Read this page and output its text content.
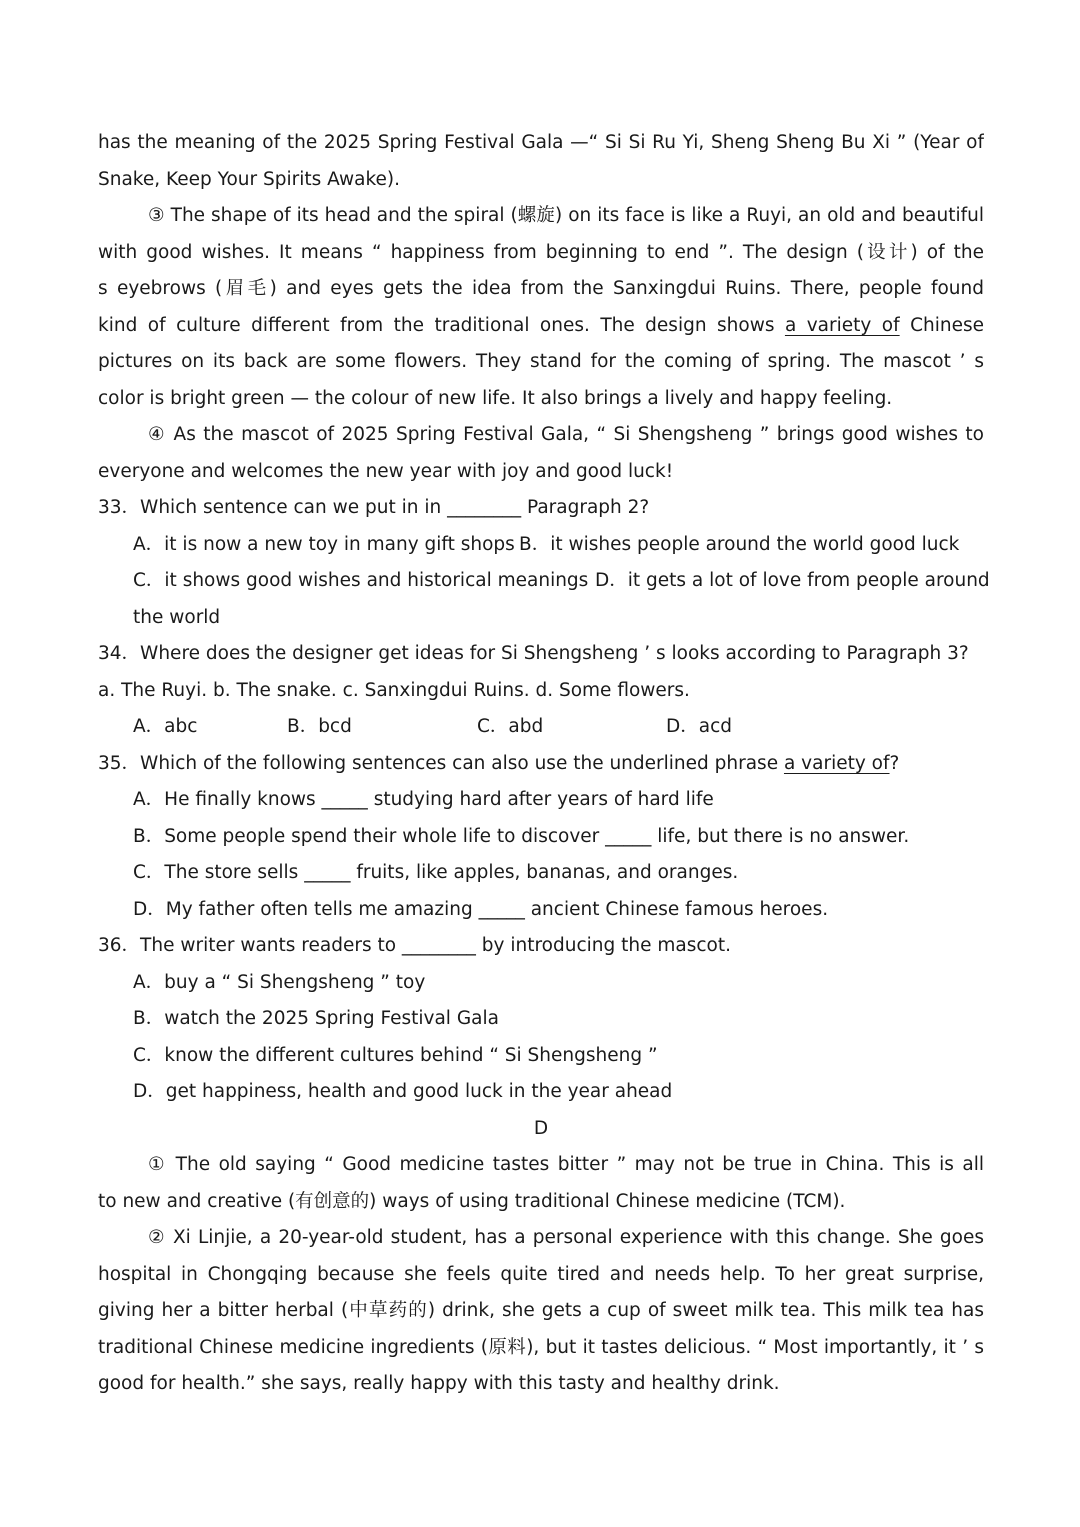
has the meaning of the 2025 Spring Festival Gala —“ Si Si Ru Yi, Sheng Sheng Bu Xi ” (Year of
Snake, Keep Your Spirits Awake).
③ The shape of its head and the spiral (螺旋) on its face is like a Ruyi, an old and beautiful
with good wishes. It means “ happiness from beginning to end ”. The design (设计) of the
s eyebrows (眉毛) and eyes gets the idea from the Sanxingdui Ruins. There, people found
kind of culture different from the traditional ones. The design shows a variety of Chinese
pictures on its back are some flowers. They stand for the coming of spring. The mascot ’ s
color is bright green — the colour of new life. It also brings a lively and happy feeling.
④ As the mascot of 2025 Spring Festival Gala, “ Si Shengsheng ” brings good wishes to
everyone and welcomes the new year with joy and good luck!
33．Which sentence can we put in in ________ Paragraph 2?
A．it is now a new toy in many gift shops B．it wishes people around the world good luck
C．it shows good wishes and historical meanings D．it gets a lot of love from people around
the world
34．Where does the designer get ideas for Si Shengsheng ’ s looks according to Paragraph 3?
a. The Ruyi. b. The snake. c. Sanxingdui Ruins. d. Some flowers.
A．abc	B．bcd	C．abd	D．acd
35．Which of the following sentences can also use the underlined phrase a variety of?
A．He finally knows _____ studying hard after years of hard life
B．Some people spend their whole life to discover _____ life, but there is no answer.
C．The store sells _____ fruits, like apples, bananas, and oranges.
D．My father often tells me amazing _____ ancient Chinese famous heroes.
36．The writer wants readers to ________ by introducing the mascot.
A．buy a “ Si Shengsheng ” toy
B．watch the 2025 Spring Festival Gala
C．know the different cultures behind “ Si Shengsheng ”
D．get happiness, health and good luck in the year ahead
D
① The old saying “ Good medicine tastes bitter ” may not be true in China. This is all
to new and creative (有创意的) ways of using traditional Chinese medicine (TCM).
② Xi Linjie, a 20-year-old student, has a personal experience with this change. She goes
hospital in Chongqing because she feels quite tired and needs help. To her great surprise,
giving her a bitter herbal (中草药的) drink, she gets a cup of sweet milk tea. This milk tea has
traditional Chinese medicine ingredients (原料), but it tastes delicious. “ Most importantly, it ’ s
good for health.” she says, really happy with this tasty and healthy drink.
